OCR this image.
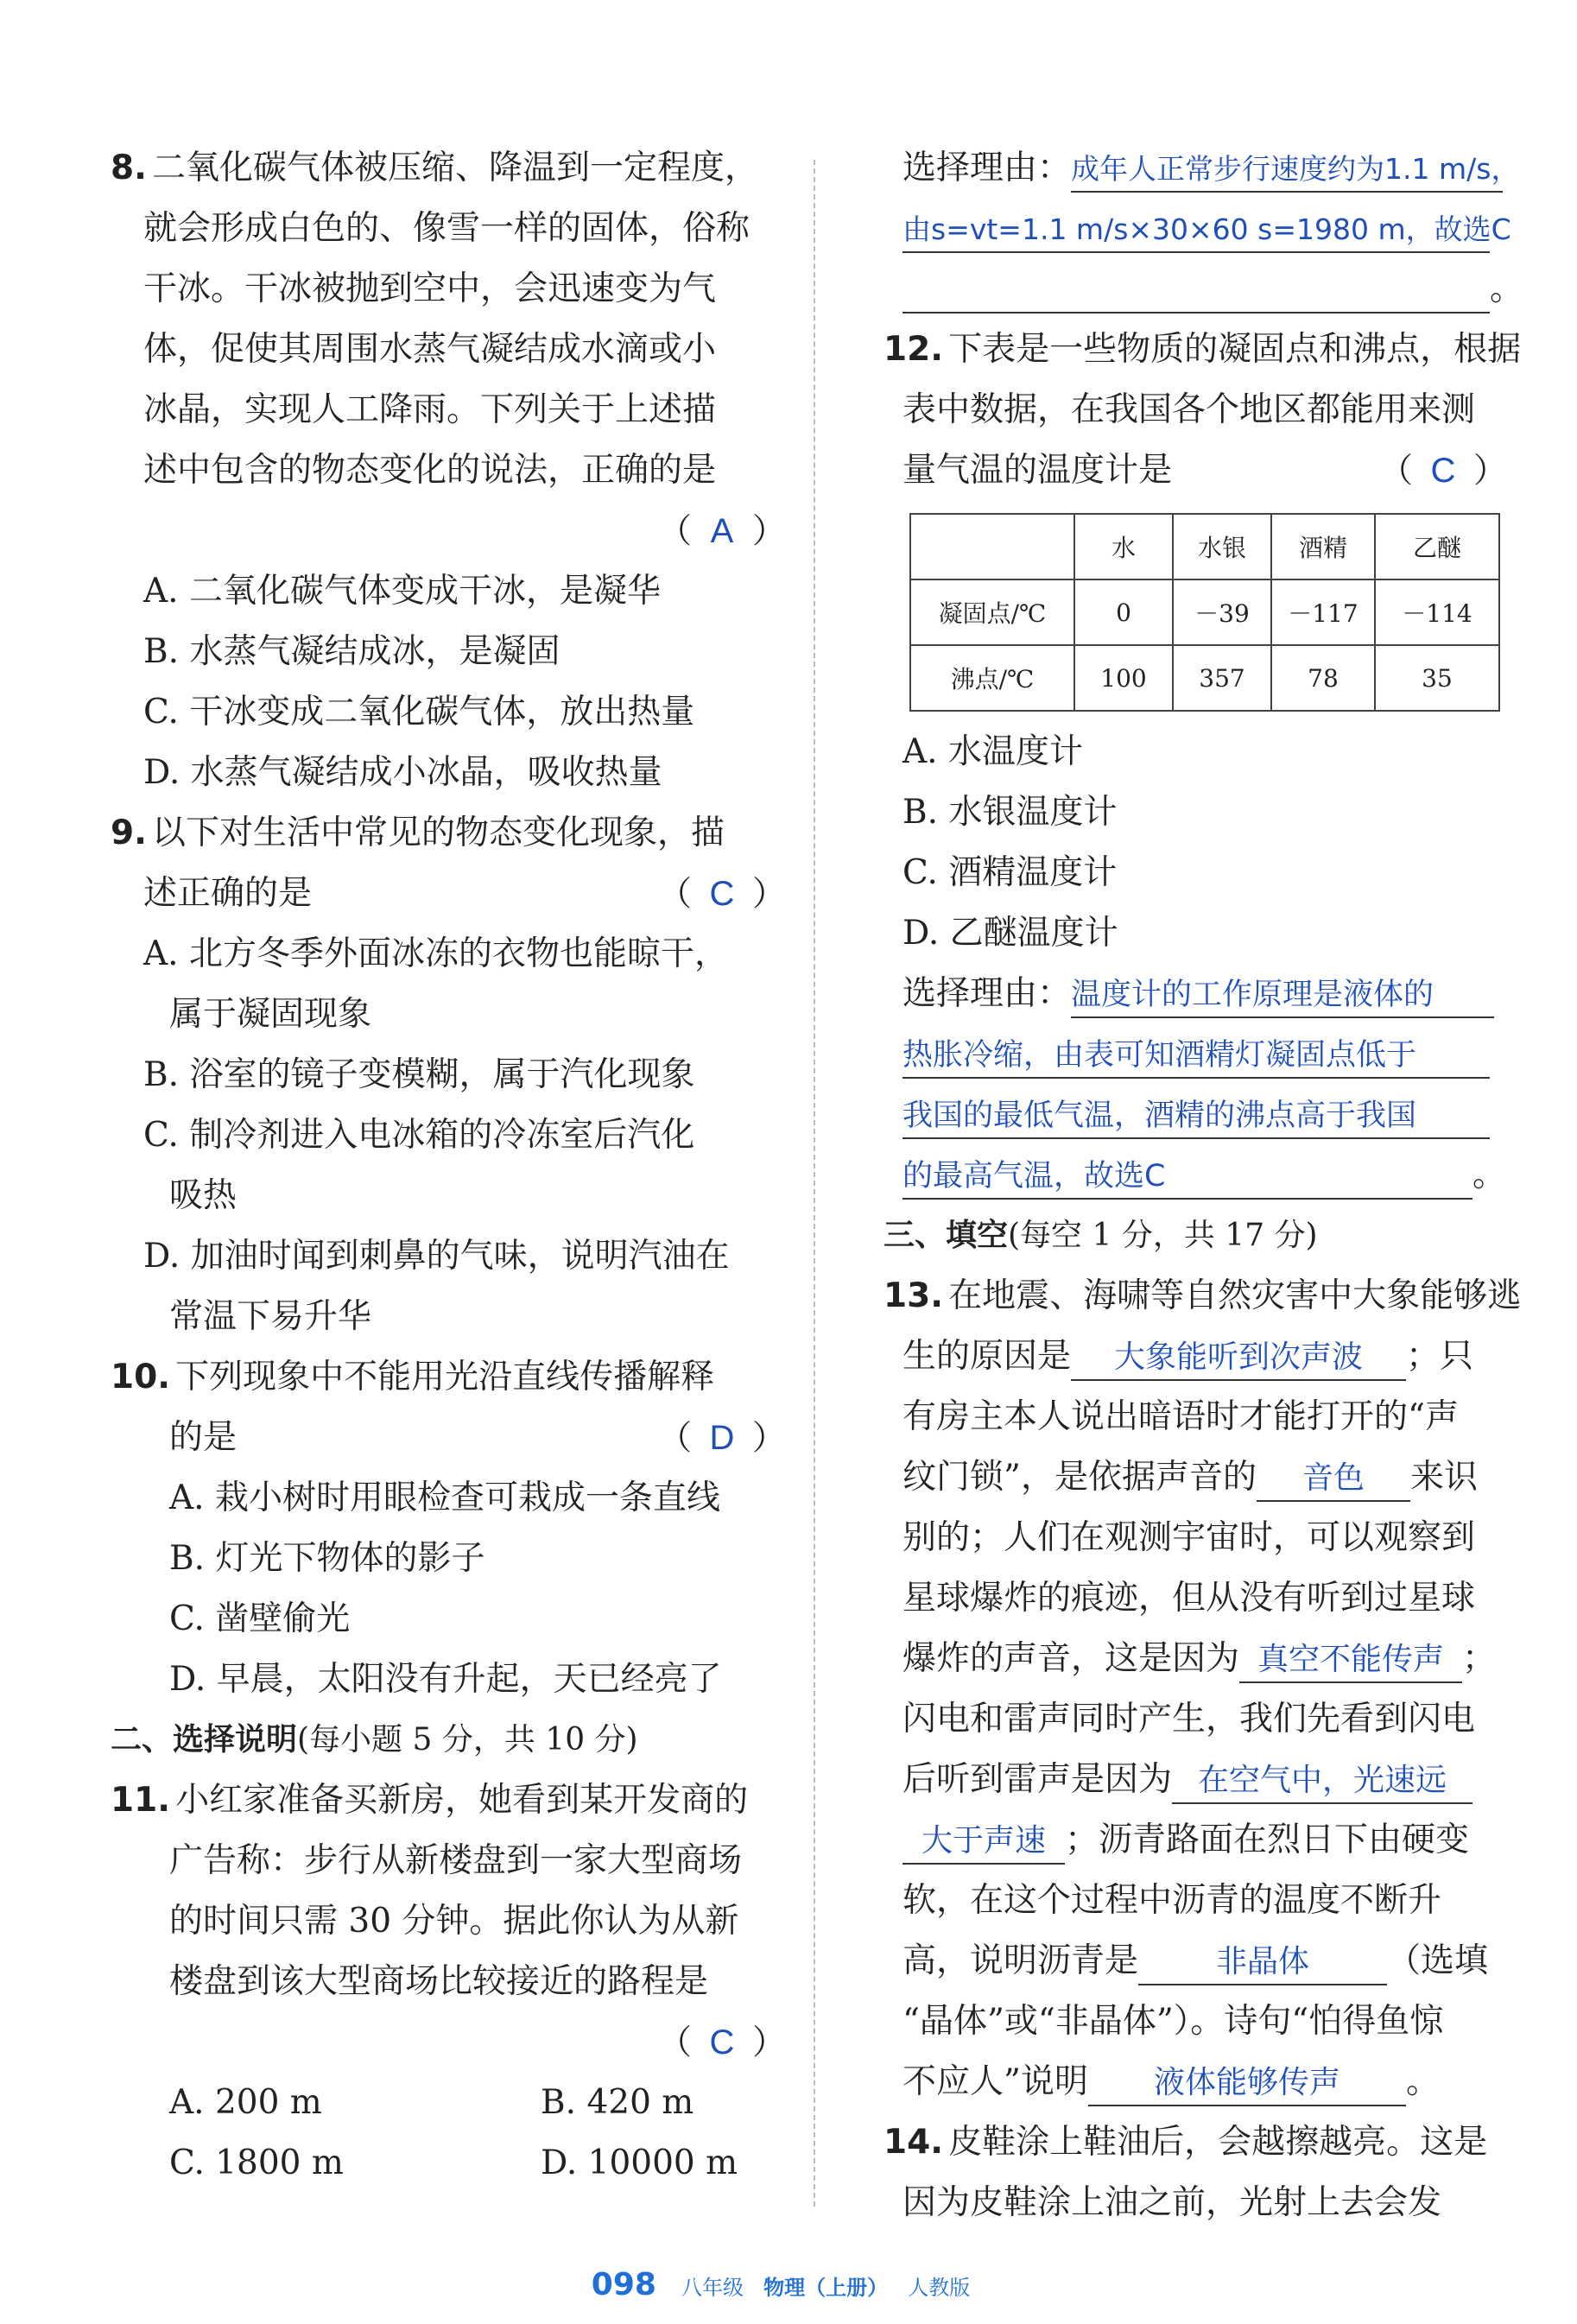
8. 二氧化碳气体被压缩、降温到一定程度，
就会形成白色的、像雪一样的固体，俗称
干冰。干冰被抛到空中，会迅速变为气
体，促使其周围水蒸气凝结成水滴或小
冰晶，实现人工降雨。下列关于上述描
述中包含的物态变化的说法，正确的是
（ A ）
A. 二氧化碳气体变成干冰，是凝华
B. 水蒸气凝结成冰，是凝固
C. 干冰变成二氧化碳气体，放出热量
D. 水蒸气凝结成小冰晶，吸收热量
9. 以下对生活中常见的物态变化现象，描
述正确的是	（ C ）
A. 北方冬季外面冰冻的衣物也能晾干，
属于凝固现象
B. 浴室的镜子变模糊，属于汽化现象
C. 制冷剂进入电冰箱的冷冻室后汽化
吸热
D. 加油时闻到刺鼻的气味，说明汽油在
常温下易升华
10. 下列现象中不能用光沿直线传播解释
的是	（ D ）
A. 栽小树时用眼检查可栽成一条直线
B. 灯光下物体的影子
C. 凿壁偷光
D. 早晨，太阳没有升起，天已经亮了
二、选择说明(每小题 5 分，共 10 分)
11. 小红家准备买新房，她看到某开发商的
广告称：步行从新楼盘到一家大型商场
的时间只需 30 分钟。据此你认为从新
楼盘到该大型商场比较接近的路程是
（ C ）
A. 200 m	B. 420 m
C. 1800 m	D. 10000 m
选择理由：成年人正常步行速度约为1.1 m/s，
由s=vt=1.1 m/s×30×60 s=1980 m，故选C
。
12. 下表是一些物质的凝固点和沸点，根据
表中数据，在我国各个地区都能用来测
量气温的温度计是	（ C ）
	水	水银	酒精	乙醚
凝固点/℃	0	－39	－117	－114
沸点/℃	100	357	78	35
A. 水温度计
B. 水银温度计
C. 酒精温度计
D. 乙醚温度计
选择理由：温度计的工作原理是液体的
热胀冷缩，由表可知酒精灯凝固点低于
我国的最低气温，酒精的沸点高于我国
的最高气温，故选C	。
三、填空(每空 1 分，共 17 分)
13. 在地震、海啸等自然灾害中大象能够逃
生的原因是 大象能听到次声波 ；只
有房主本人说出暗语时才能打开的“声
纹门锁”，是依据声音的 音色 来识
别的；人们在观测宇宙时，可以观察到
星球爆炸的痕迹，但从没有听到过星球
爆炸的声音，这是因为 真空不能传声 ；
闪电和雷声同时产生，我们先看到闪电
后听到雷声是因为 在空气中，光速远
大于声速 ；沥青路面在烈日下由硬变
软，在这个过程中沥青的温度不断升
高，说明沥青是 非晶体 （选填
“晶体”或“非晶体”）。诗句“怕得鱼惊
不应人”说明 液体能够传声 。
14. 皮鞋涂上鞋油后，会越擦越亮。这是
因为皮鞋涂上油之前，光射上去会发
098 八年级 物理（上册） 人教版
